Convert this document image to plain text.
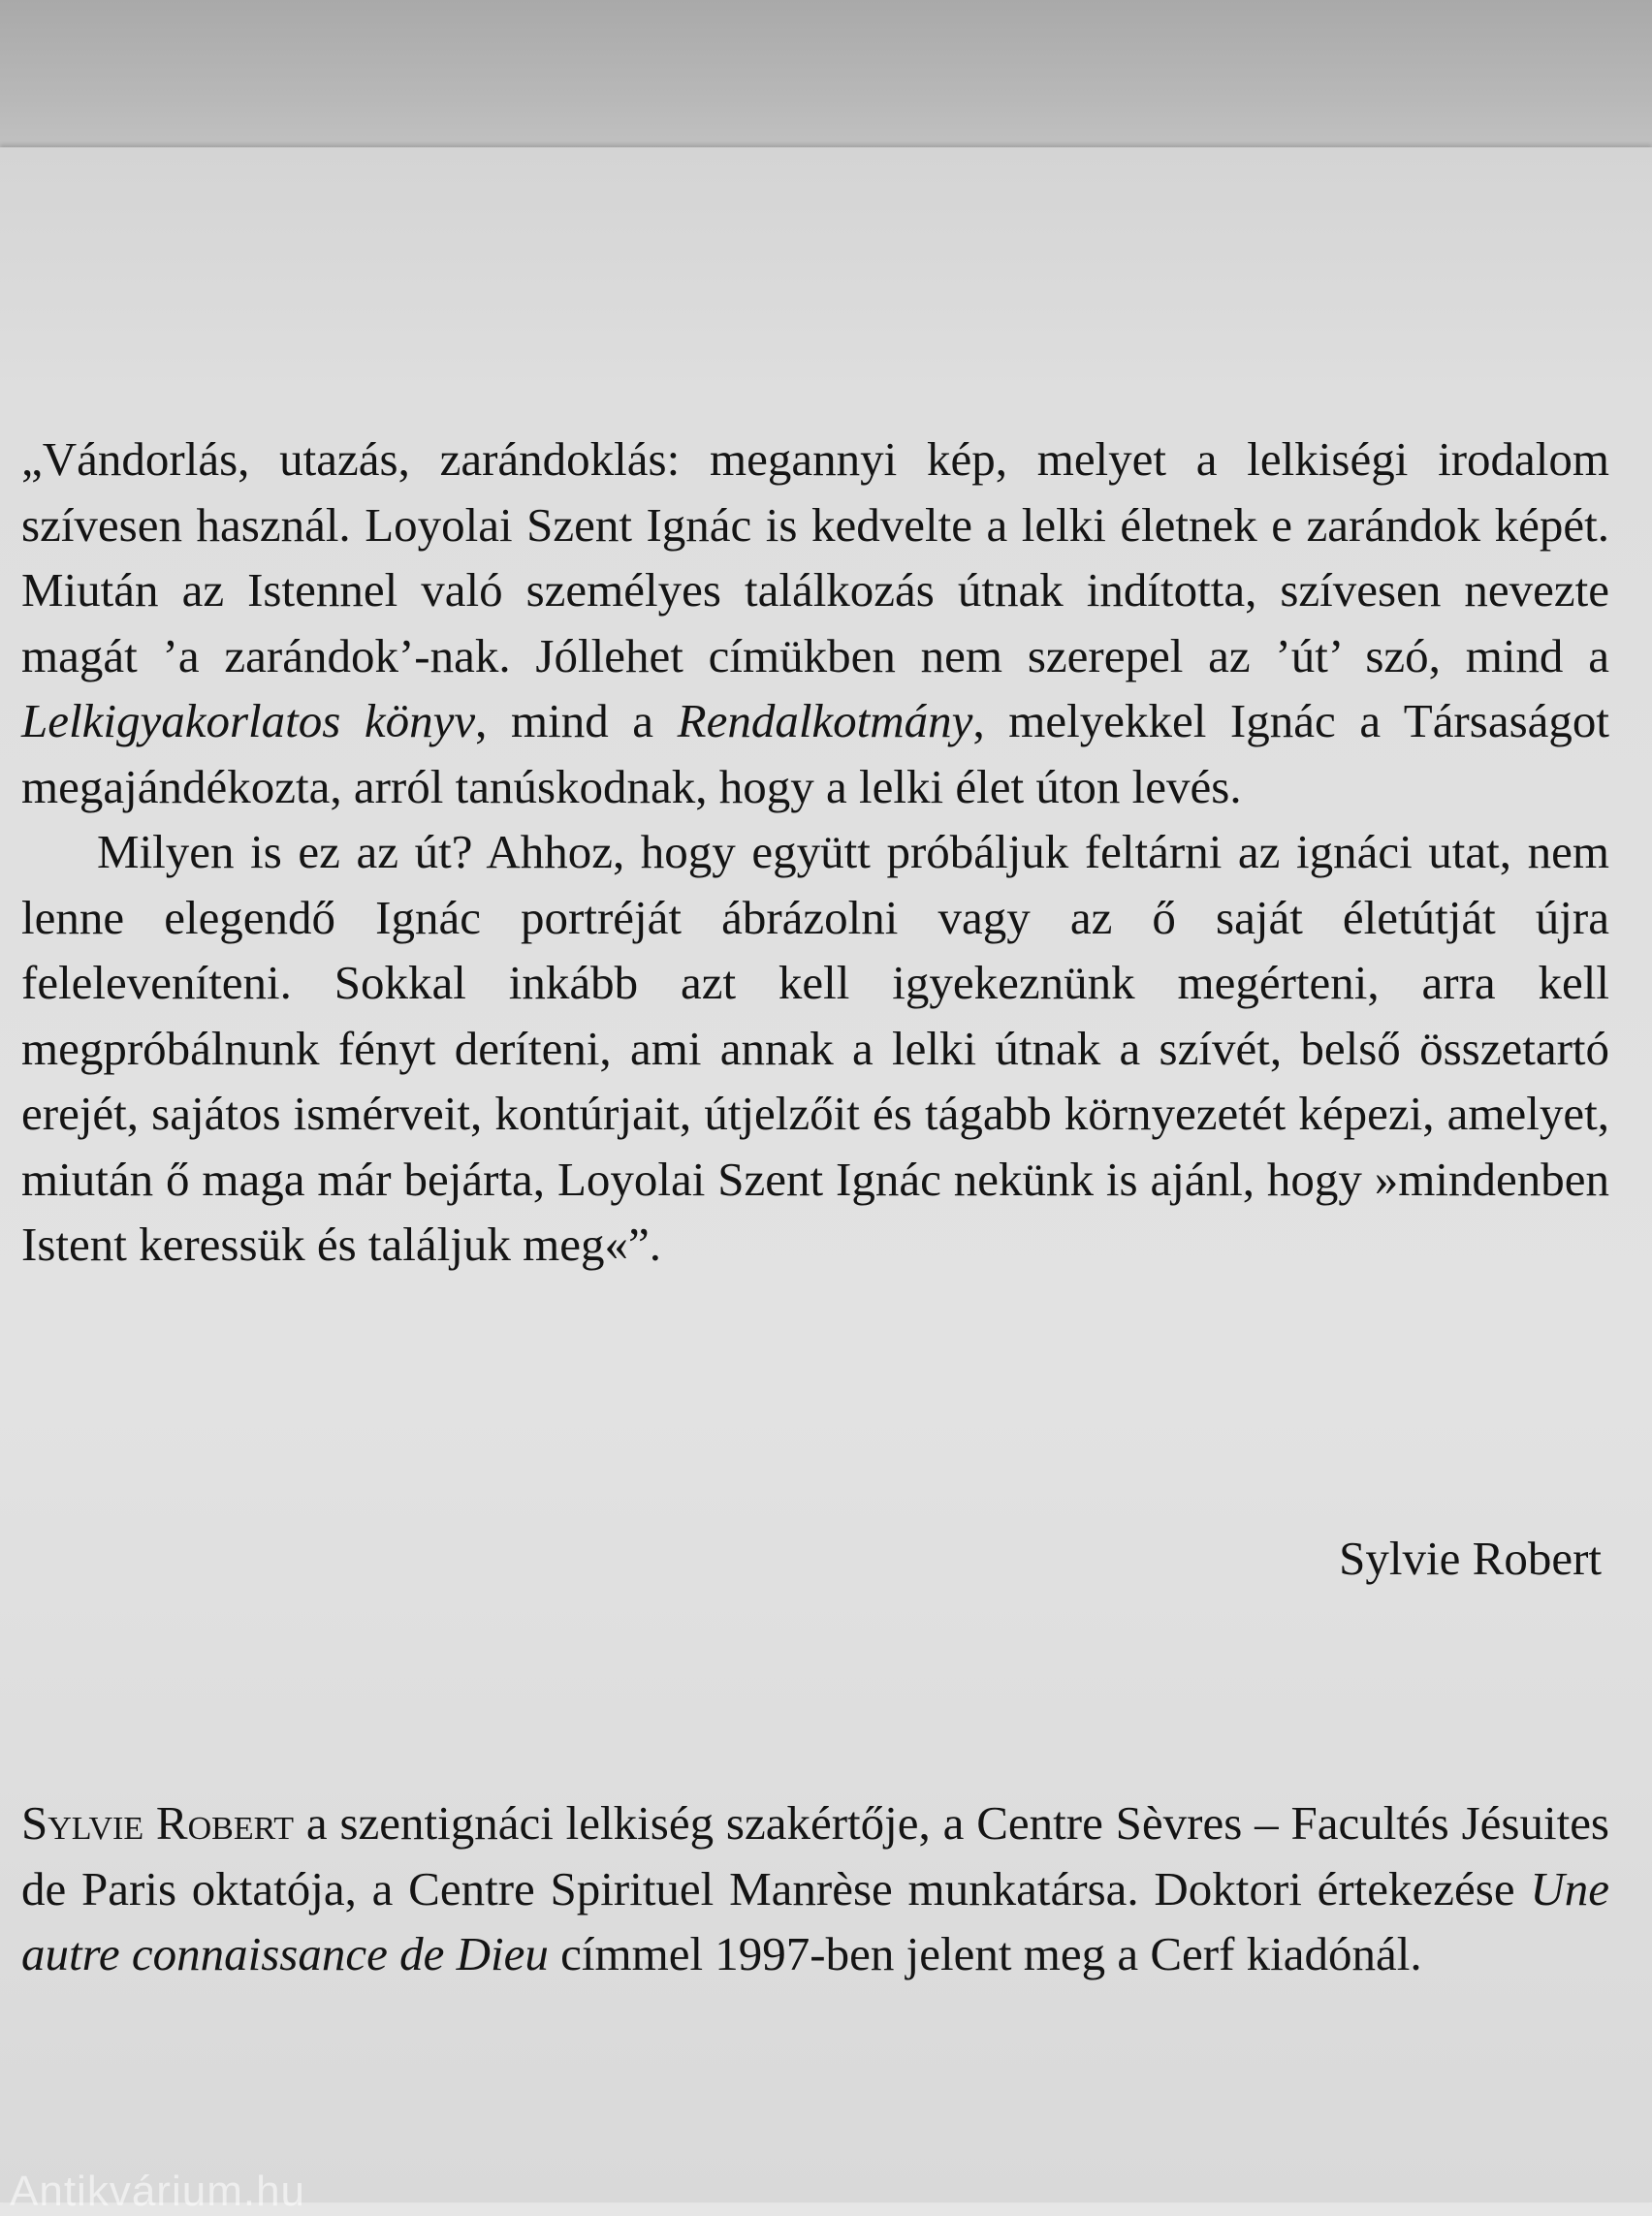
„Vándorlás, utazás, zarándoklás: megannyi kép, melyet a lelkiségi irodalom szívesen használ. Loyolai Szent Ignác is kedvelte a lelki életnek e zarándok képét. Miután az Istennel való személyes találkozás útnak indította, szívesen nevezte magát ’a zarándok’-nak. Jóllehet címükben nem szerepel az ’út’ szó, mind a Lelkigyakorlatos könyv, mind a Rendalkotmány, melyekkel Ignác a Társaságot megajándékozta, arról tanúskodnak, hogy a lelki élet úton levés.

Milyen is ez az út? Ahhoz, hogy együtt próbáljuk feltárni az ignáci utat, nem lenne elegendő Ignác portréját ábrázolni vagy az ő saját életútját újra feleleveníteni. Sokkal inkább azt kell igyekeznünk megérteni, arra kell megpróbálnunk fényt deríteni, ami annak a lelki útnak a szívét, belső összetartó erejét, sajátos ismérveit, kontúrjait, útjelzőit és tágabb környezetét képezi, amelyet, miután ő maga már bejárta, Loyolai Szent Ignác nekünk is ajánl, hogy »mindenben Istent keressük és találjuk meg«”.

Sylvie Robert

Sylvie Robert a szentignáci lelkiség szakértője, a Centre Sèvres – Facultés Jésuites de Paris oktatója, a Centre Spirituel Manrèse munkatársa. Doktori értekezése Une autre connaissance de Dieu címmel 1997-ben jelent meg a Cerf kiadónál.

Antikvárium.hu
